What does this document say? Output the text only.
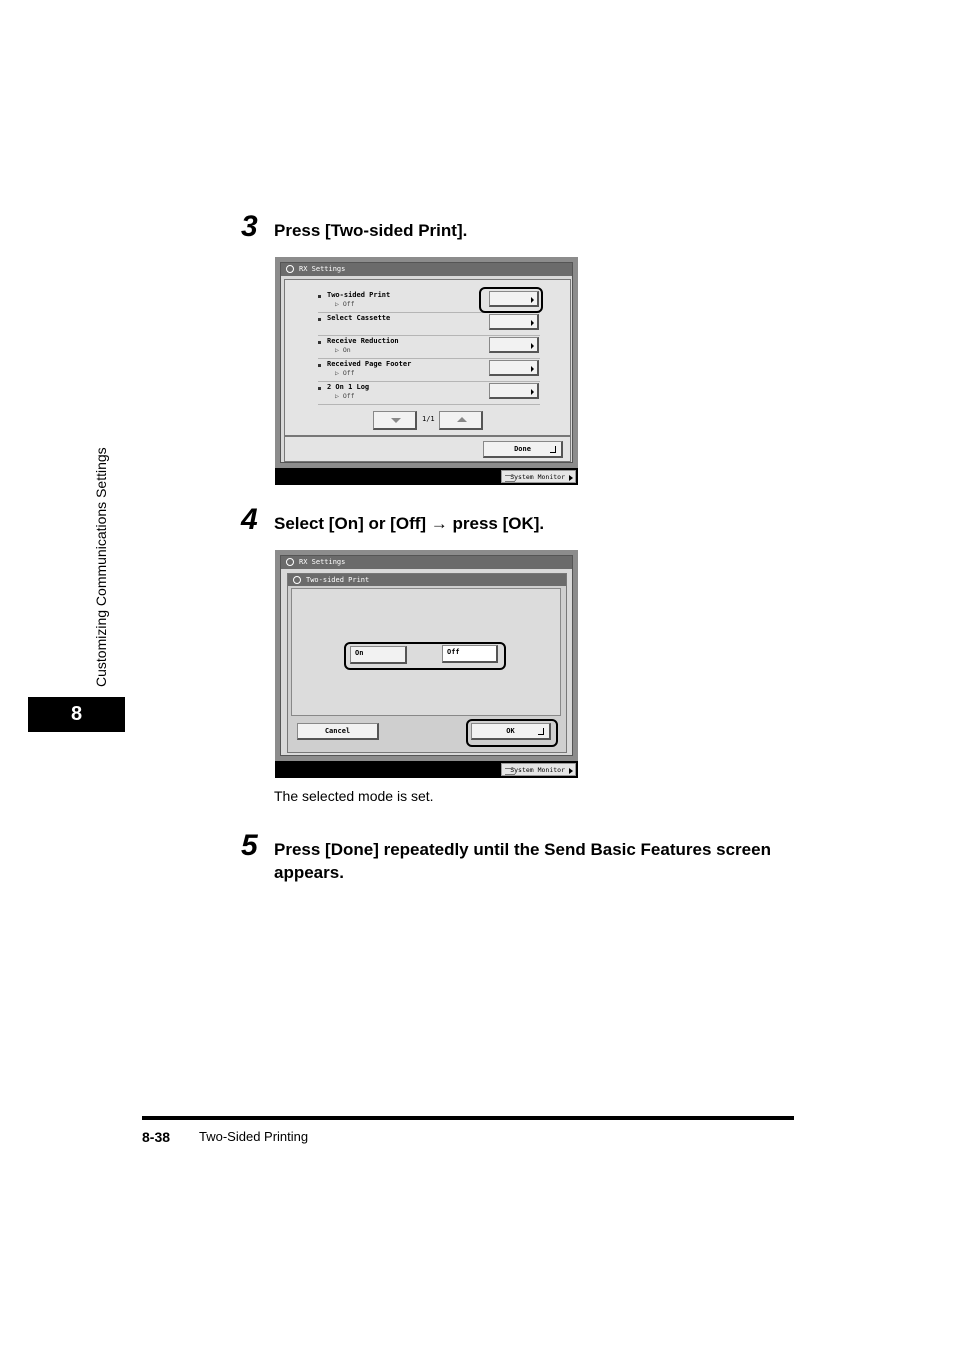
Customizing Communications Settings
8
3 Press [Two-sided Print].
RX Settings
Two-sided Print
▷ Off
Select Cassette
Receive Reduction
▷ On
Received Page Footer
▷ Off
2 On 1 Log
▷ Off
1/1
Done
System Monitor
4 Select [On] or [Off] → press [OK].
RX Settings
Two-sided Print
On	Off
Cancel	OK
System Monitor
The selected mode is set.
5 Press [Done] repeatedly until the Send Basic Features screen appears.
8-38 Two-Sided Printing
